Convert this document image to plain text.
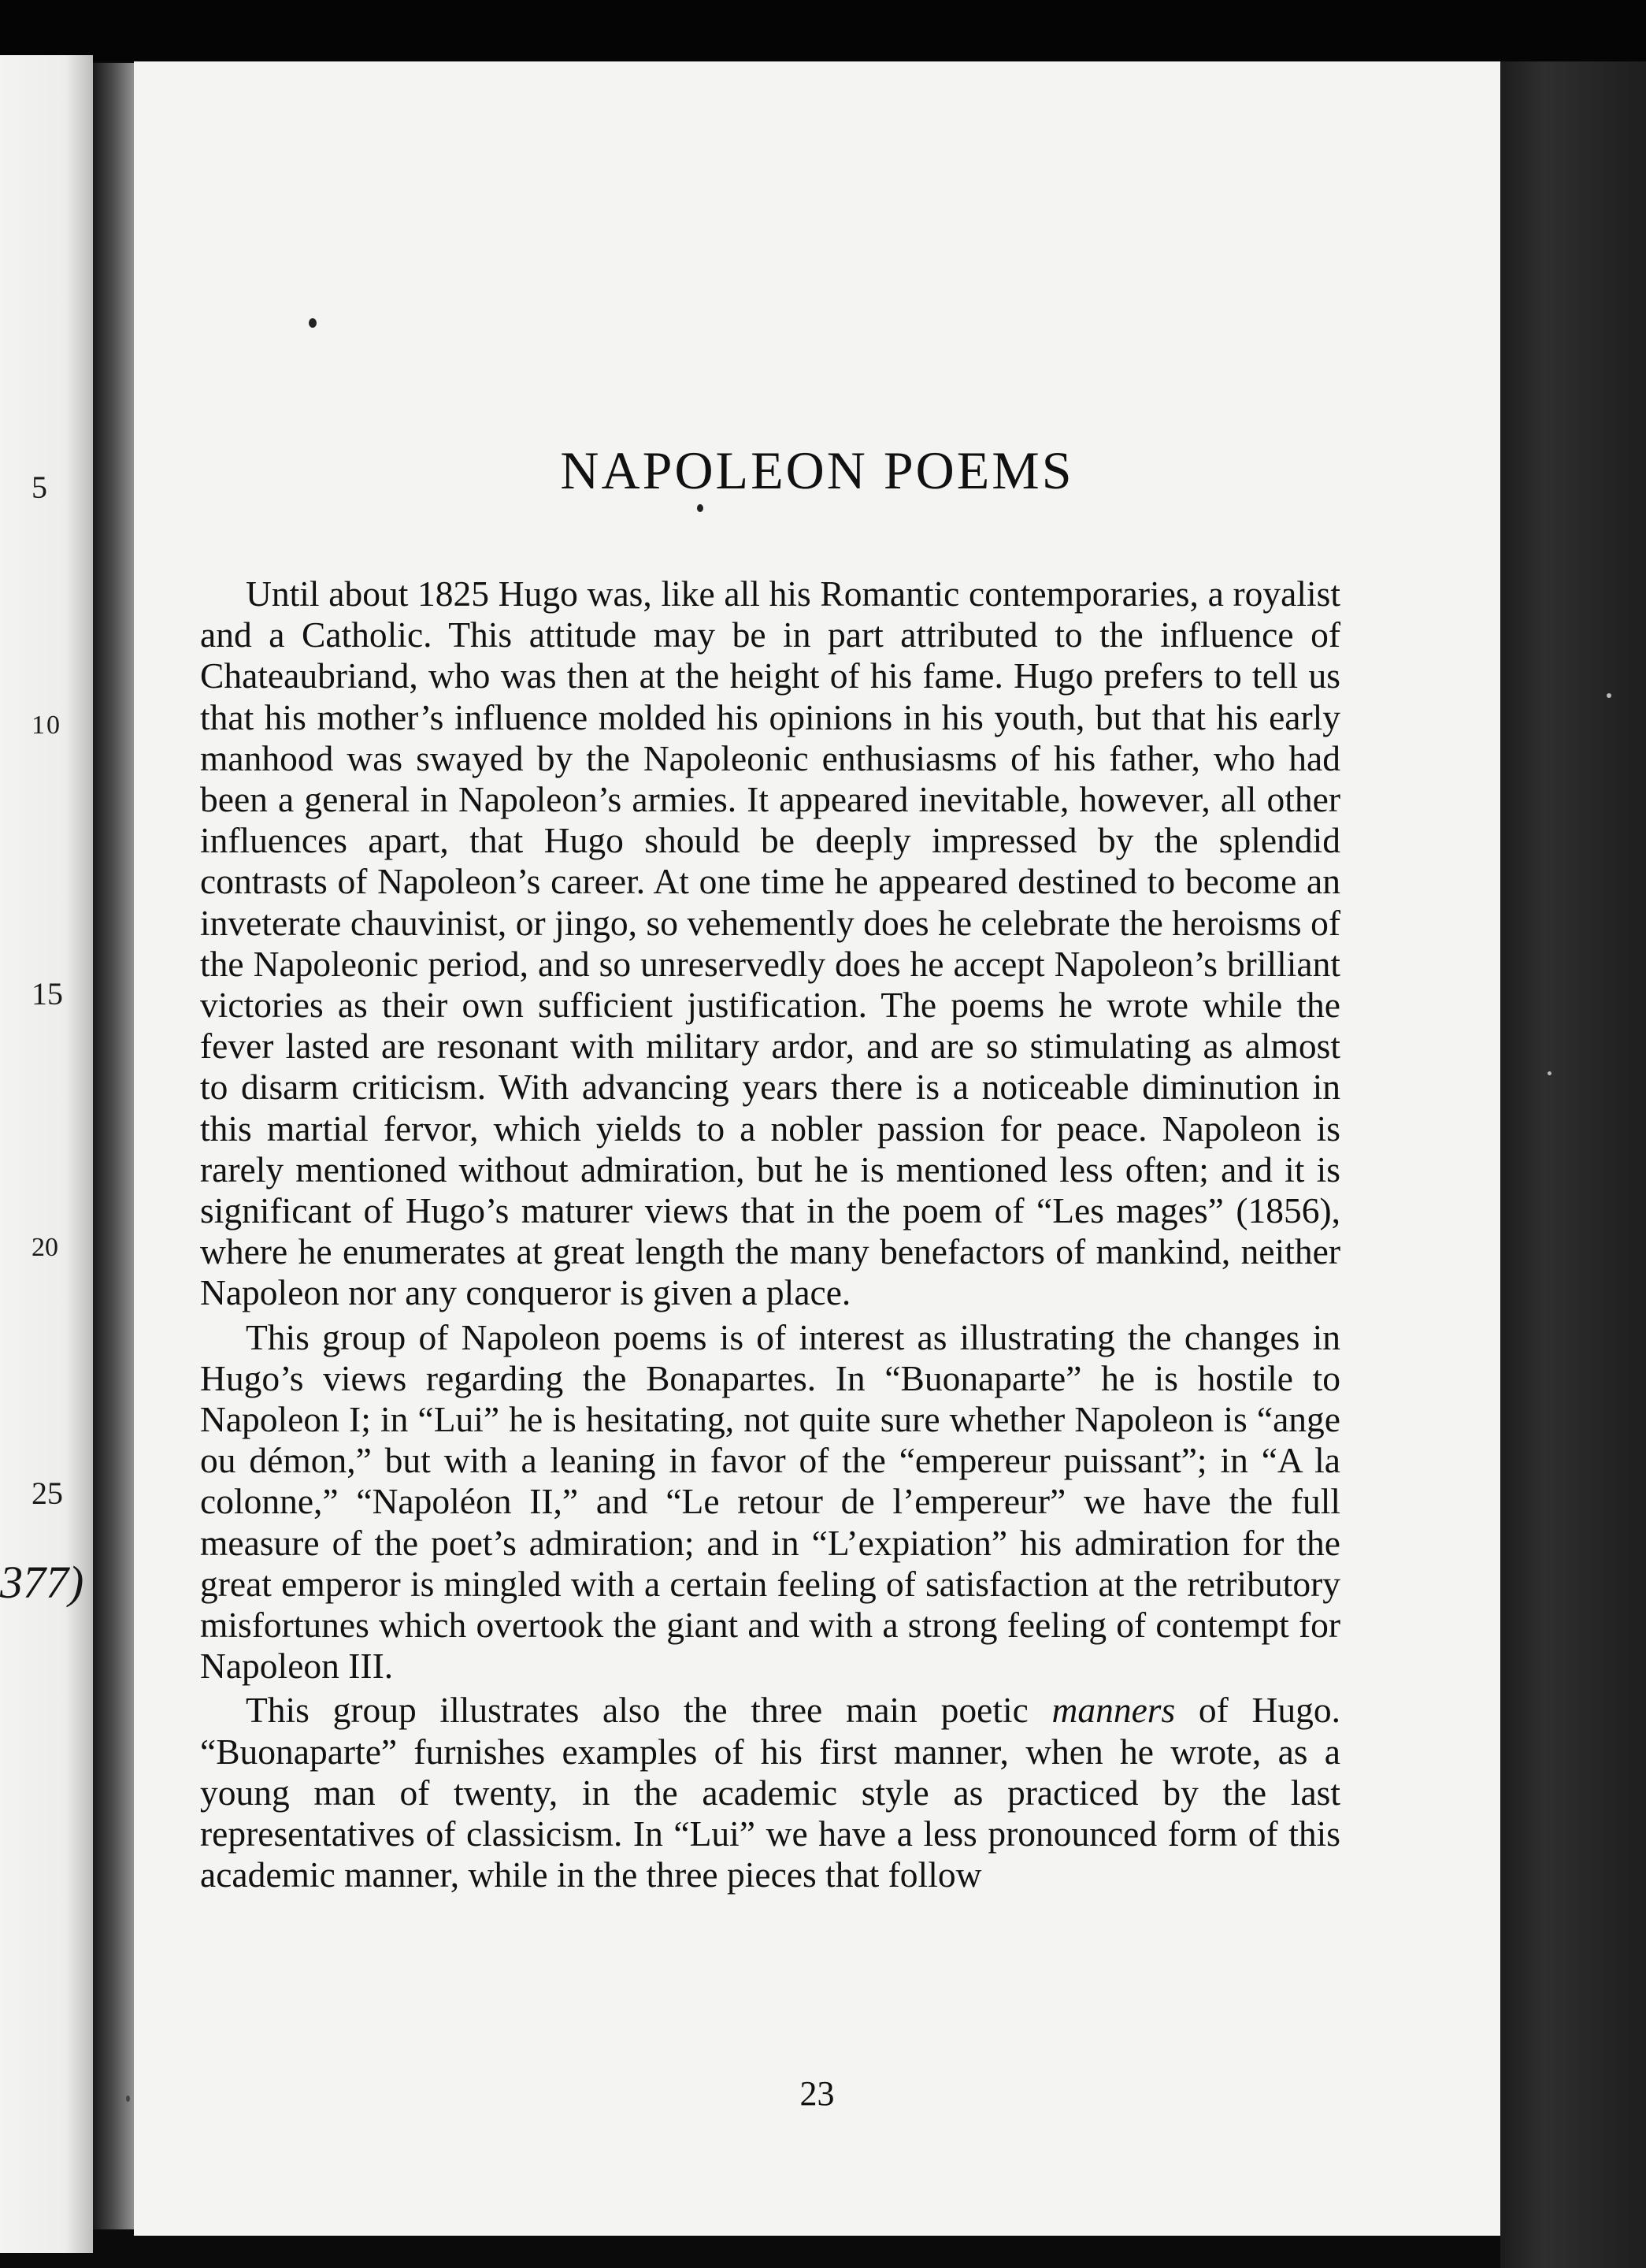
5
10
15
20
25
377)
NAPOLEON POEMS

Until about 1825 Hugo was, like all his Romantic contemporaries, a royalist and a Catholic. This attitude may be in part attributed to the influence of Chateaubriand, who was then at the height of his fame. Hugo prefers to tell us that his mother’s influence molded his opinions in his youth, but that his early manhood was swayed by the Napoleonic enthusiasms of his father, who had been a general in Napoleon’s armies. It appeared inevitable, however, all other influences apart, that Hugo should be deeply impressed by the splendid contrasts of Napoleon’s career. At one time he appeared destined to become an inveterate chauvinist, or jingo, so vehemently does he celebrate the heroisms of the Napoleonic period, and so unreservedly does he accept Napoleon’s brilliant victories as their own sufficient justification. The poems he wrote while the fever lasted are resonant with military ardor, and are so stimulating as almost to disarm criticism. With advancing years there is a noticeable diminution in this martial fervor, which yields to a nobler passion for peace. Napoleon is rarely mentioned without admiration, but he is mentioned less often; and it is significant of Hugo’s maturer views that in the poem of “Les mages” (1856), where he enumerates at great length the many benefactors of mankind, neither Napoleon nor any conqueror is given a place.

This group of Napoleon poems is of interest as illustrating the changes in Hugo’s views regarding the Bonapartes. In “Buonaparte” he is hostile to Napoleon I; in “Lui” he is hesitating, not quite sure whether Napoleon is “ange ou démon,” but with a leaning in favor of the “empereur puissant”; in “A la colonne,” “Napoléon II,” and “Le retour de l’empereur” we have the full measure of the poet’s admiration; and in “L’expiation” his admiration for the great emperor is mingled with a certain feeling of satisfaction at the retributory misfortunes which overtook the giant and with a strong feeling of contempt for Napoleon III.

This group illustrates also the three main poetic manners of Hugo. “Buonaparte” furnishes examples of his first manner, when he wrote, as a young man of twenty, in the academic style as practiced by the last representatives of classicism. In “Lui” we have a less pronounced form of this academic manner, while in the three pieces that follow

23
